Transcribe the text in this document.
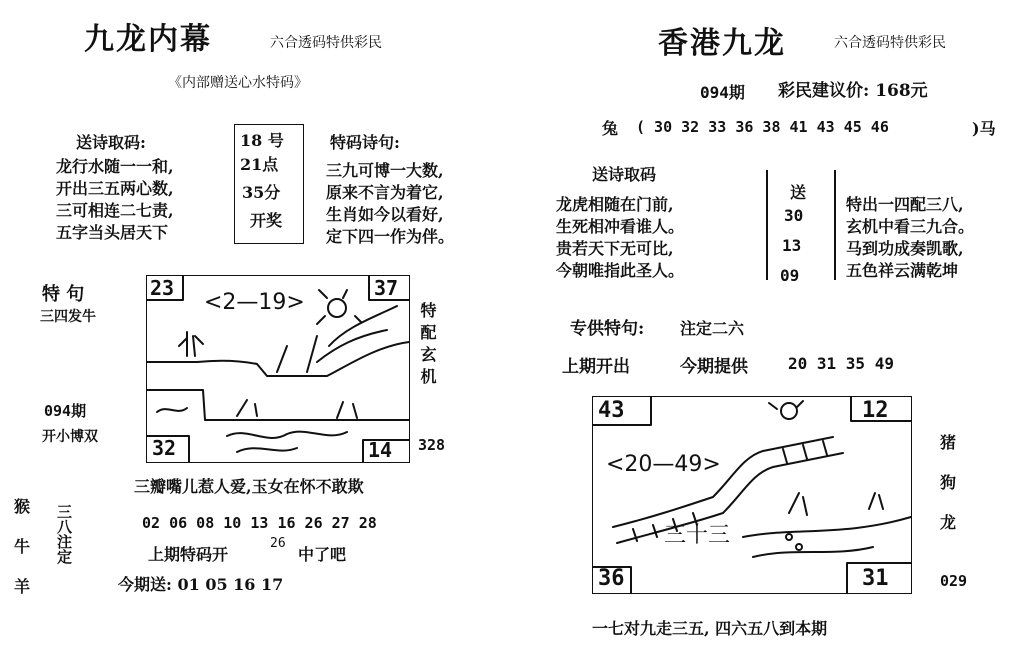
九龙内幕	六合透码特供彩民
《内部赠送心水特码》
送诗取码:
龙行水随一一和,
开出三五两心数,
三可相连二七责,
五字当头居天下
18 号
21点
35分
开奖
特码诗句:
三九可博一大数,
原来不言为着它,
生肖如今以看好,
定下四一作为伴。
特 句
三四发牛
094期
开小博双
23	37
32	14
<2—19>	特配玄机
328
三瓣嘴儿惹人爱,玉女在怀不敢欺
猴
牛
羊
三八注定	02 06 08 10 13 16 26 27 28
上期特码开
26
中了吧
今期送: 01 05 16 17
香港九龙	六合透码特供彩民
094期 彩民建议价: 168元
兔 ( 30 32 33 36 38 41 43 45 46	)马
送诗取码
龙虎相随在门前,
生死相冲看谁人。
贵若天下无可比,
今朝唯指此圣人。
送
30
13
09
特出一四配三八,
玄机中看三九合。
马到功成奏凯歌,
五色祥云满乾坤
专供特句: 注定二六
上期开出	今期提供	20 31 35 49
43	12
36	31
<20—49>
三十三
猪
狗
龙
029
一七对九走三五, 四六五八到本期
